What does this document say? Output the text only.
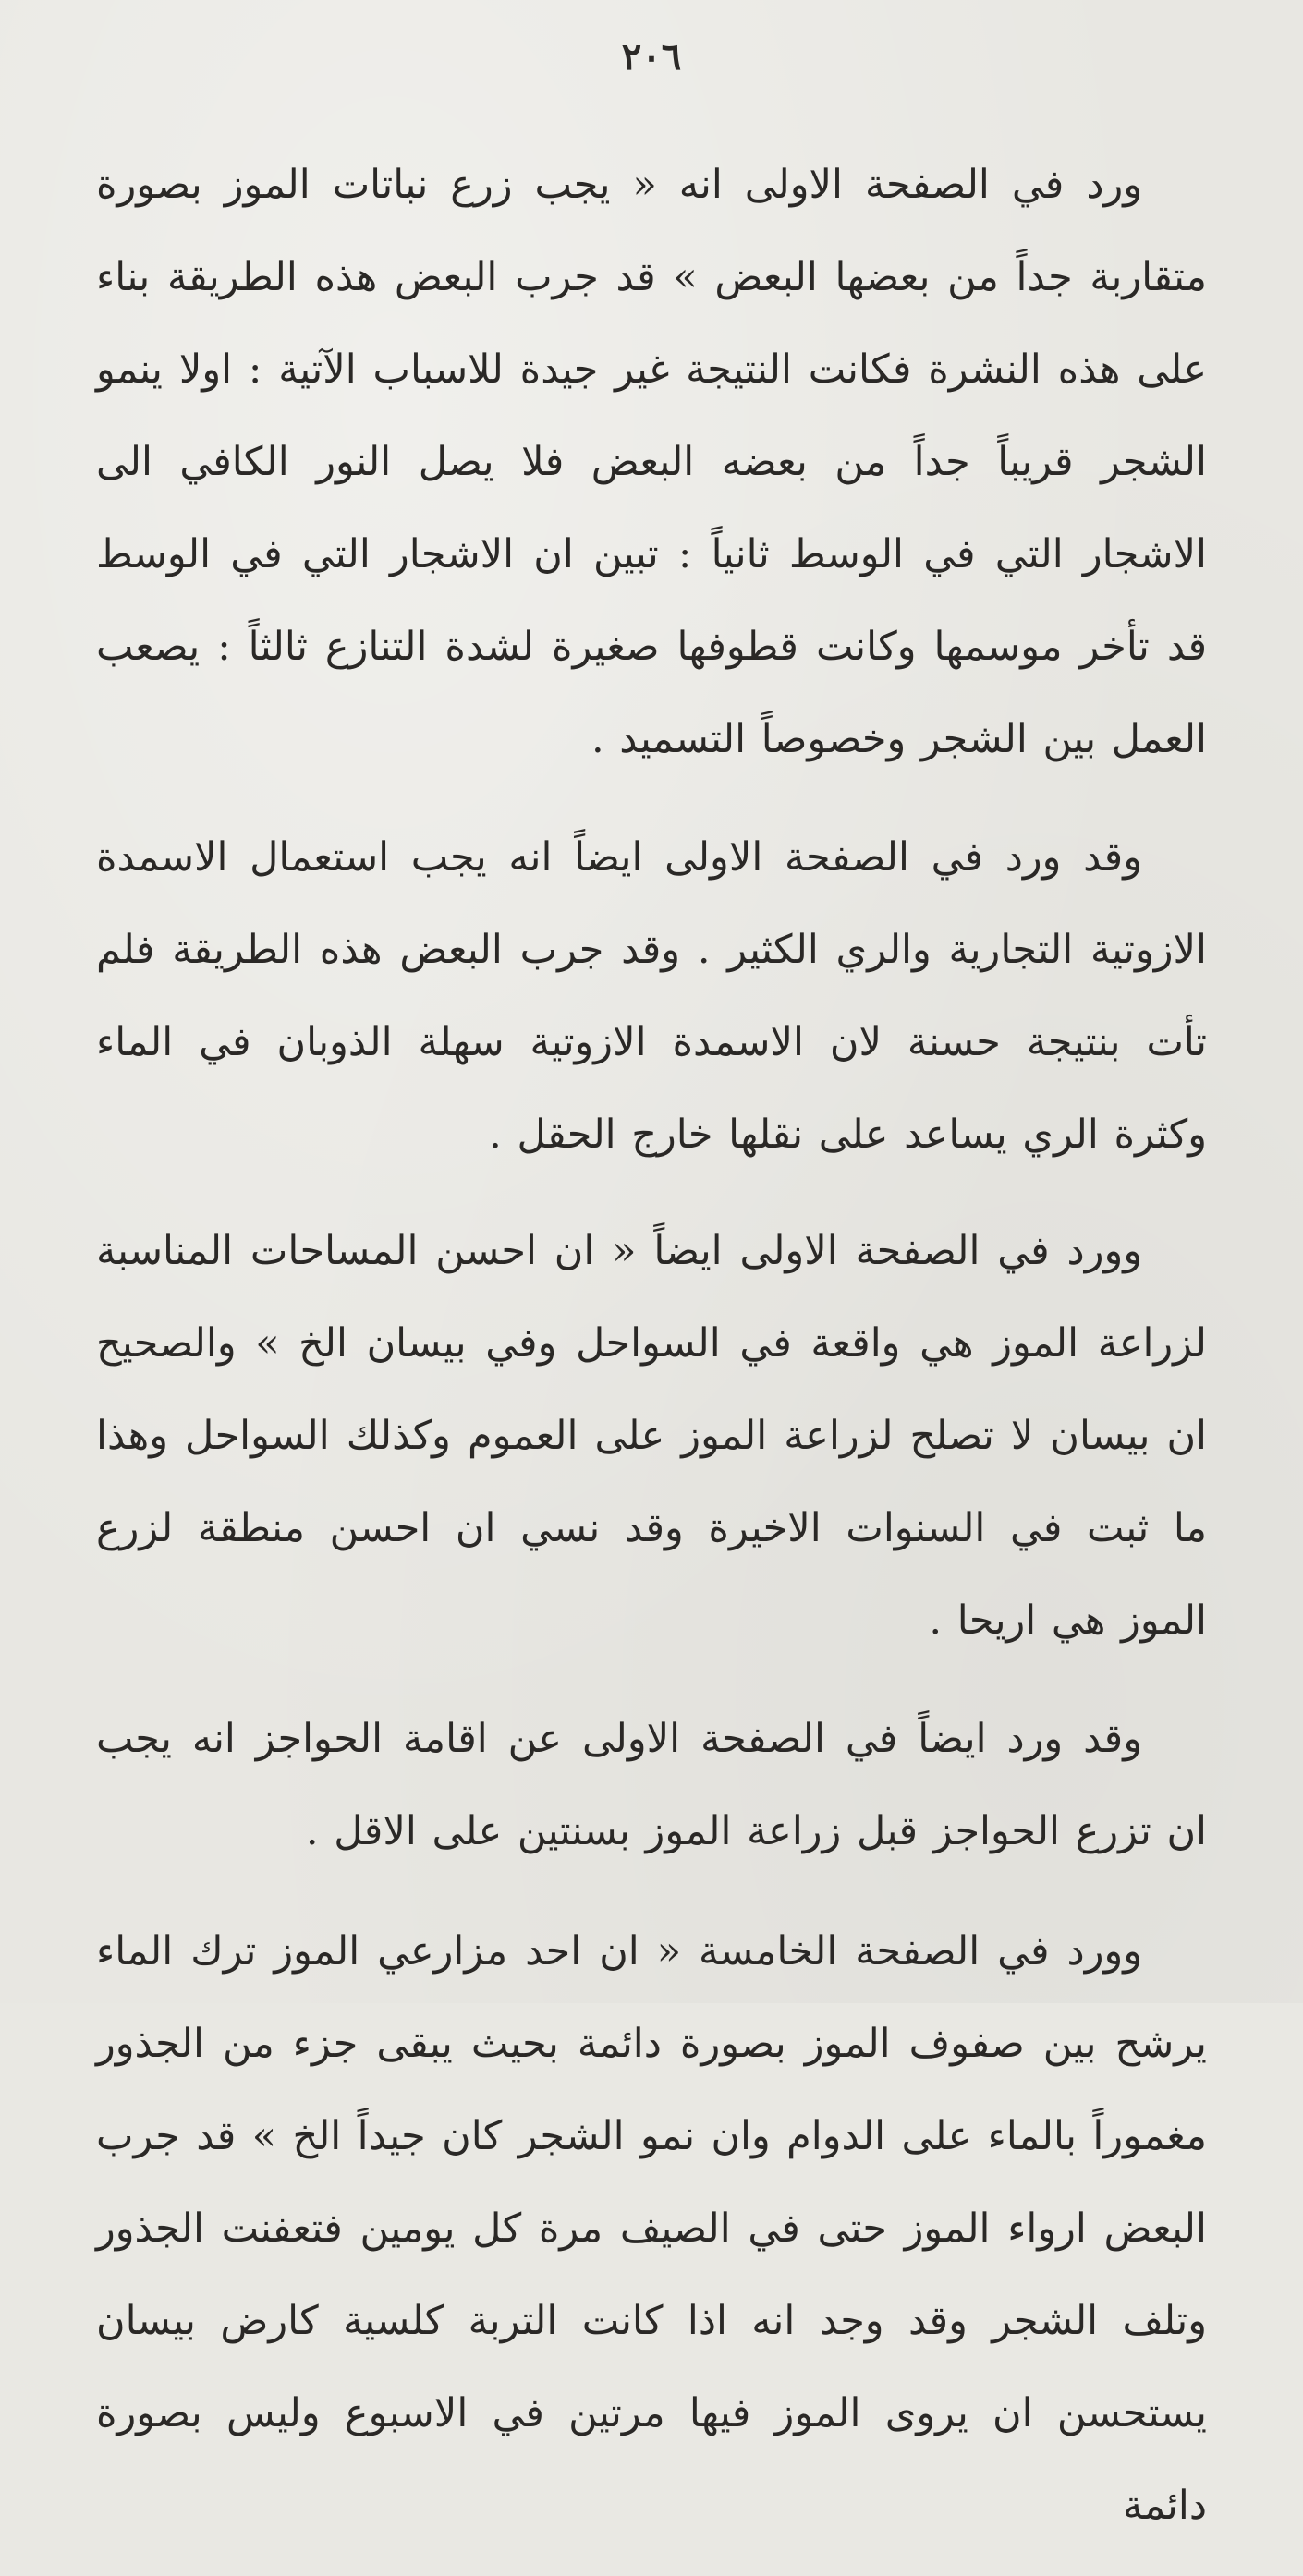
٢٠٦

ورد في الصفحة الاولى انه « يجب زرع نباتات الموز بصورة متقاربة جداً من بعضها البعض » قد جرب البعض هذه الطريقة بناء على هذه النشرة فكانت النتيجة غير جيدة للاسباب الآتية : اولا ينمو الشجر قريباً جداً من بعضه البعض فلا يصل النور الكافي الى الاشجار التي في الوسط ثانياً : تبين ان الاشجار التي في الوسط قد تأخر موسمها وكانت قطوفها صغيرة لشدة التنازع ثالثاً : يصعب العمل بين الشجر وخصوصاً التسميد .

وقد ورد في الصفحة الاولى ايضاً انه يجب استعمال الاسمدة الازوتية التجارية والري الكثير . وقد جرب البعض هذه الطريقة فلم تأت بنتيجة حسنة لان الاسمدة الازوتية سهلة الذوبان في الماء وكثرة الري يساعد على نقلها خارج الحقل .

وورد في الصفحة الاولى ايضاً « ان احسن المساحات المناسبة لزراعة الموز هي واقعة في السواحل وفي بيسان الخ » والصحيح ان بيسان لا تصلح لزراعة الموز على العموم وكذلك السواحل وهذا ما ثبت في السنوات الاخيرة وقد نسي ان احسن منطقة لزرع الموز هي اريحا .

وقد ورد ايضاً في الصفحة الاولى عن اقامة الحواجز انه يجب ان تزرع الحواجز قبل زراعة الموز بسنتين على الاقل .

وورد في الصفحة الخامسة « ان احد مزارعي الموز ترك الماء يرشح بين صفوف الموز بصورة دائمة بحيث يبقى جزء من الجذور مغموراً بالماء على الدوام وان نمو الشجر كان جيداً الخ » قد جرب البعض ارواء الموز حتى في الصيف مرة كل يومين فتعفنت الجذور وتلف الشجر وقد وجد انه اذا كانت التربة كلسية كارض بيسان يستحسن ان يروى الموز فيها مرتين في الاسبوع وليس بصورة دائمة
